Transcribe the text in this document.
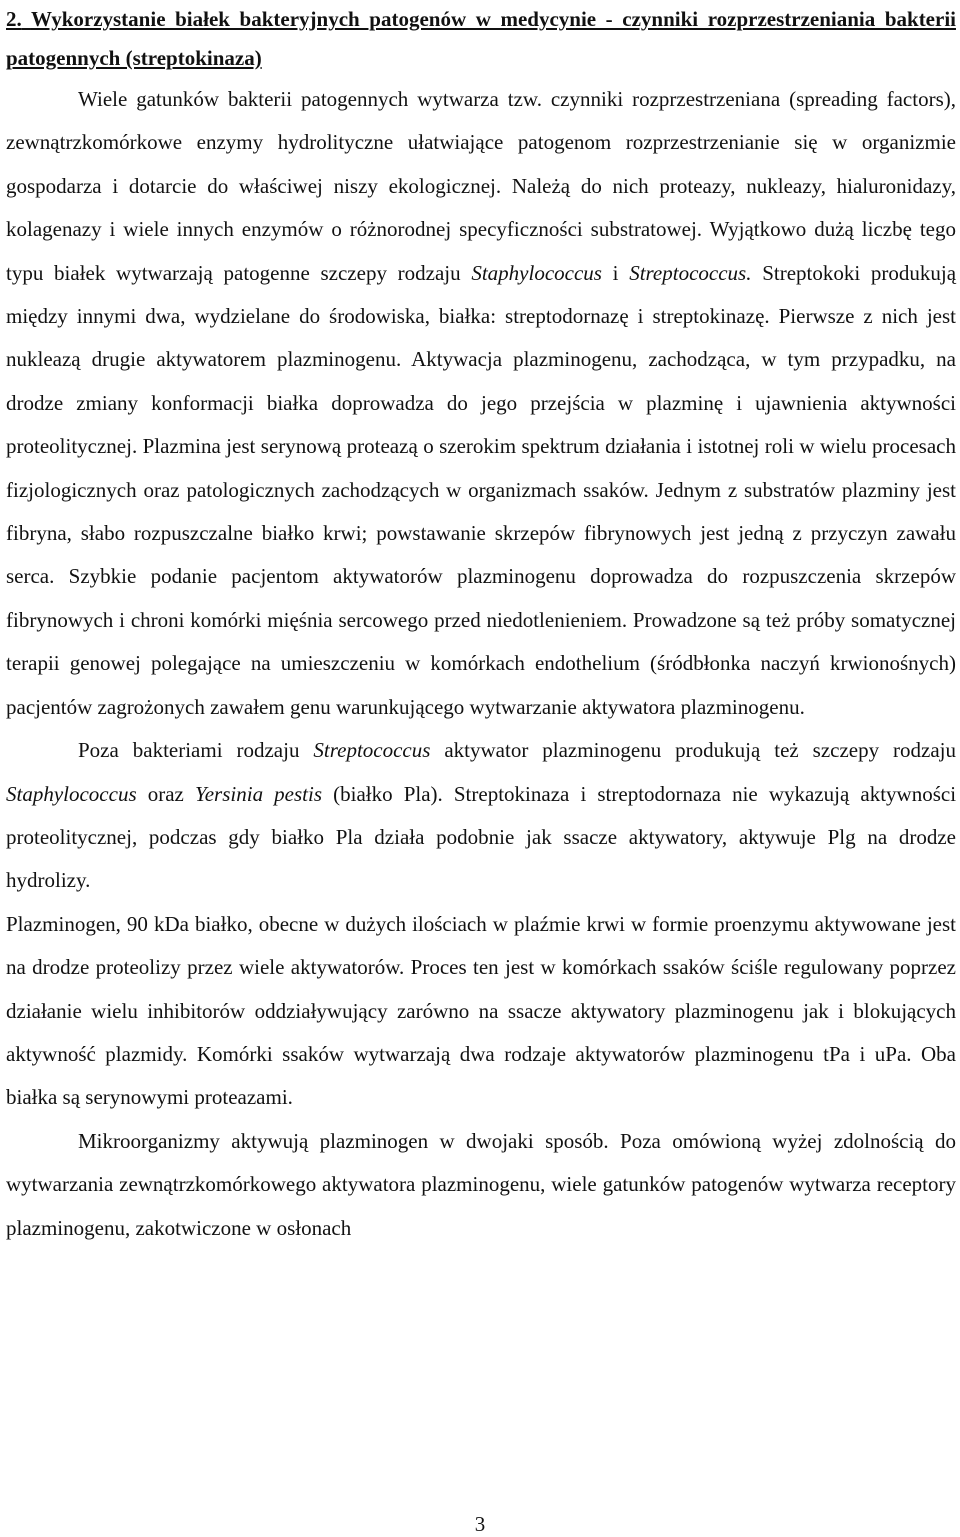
2. Wykorzystanie białek bakteryjnych patogenów w medycynie - czynniki rozprzestrzeniania bakterii patogennych (streptokinaza)

Wiele gatunków bakterii patogennych wytwarza tzw. czynniki rozprzestrzeniana (spreading factors), zewnątrzkomórkowe enzymy hydrolityczne ułatwiające patogenom rozprzestrzenianie się w organizmie gospodarza i dotarcie do właściwej niszy ekologicznej. Należą do nich proteazy, nukleazy, hialuronidazy, kolagenazy i wiele innych enzymów o różnorodnej specyficzności substratowej. Wyjątkowo dużą liczbę tego typu białek wytwarzają patogenne szczepy rodzaju Staphylococcus i Streptococcus. Streptokoki produkują między innymi dwa, wydzielane do środowiska, białka: streptodornazę i streptokinazę. Pierwsze z nich jest nukleazą drugie aktywatorem plazminogenu. Aktywacja plazminogenu, zachodząca, w tym przypadku, na drodze zmiany konformacji białka doprowadza do jego przejścia w plazminę i ujawnienia aktywności proteolitycznej. Plazmina jest serynową proteazą o szerokim spektrum działania i istotnej roli w wielu procesach fizjologicznych oraz patologicznych zachodzących w organizmach ssaków. Jednym z substratów plazminy jest fibryna, słabo rozpuszczalne białko krwi; powstawanie skrzepów fibrynowych jest jedną z przyczyn zawału serca. Szybkie podanie pacjentom aktywatorów plazminogenu doprowadza do rozpuszczenia skrzepów fibrynowych i chroni komórki mięśnia sercowego przed niedotlenieniem. Prowadzone są też próby somatycznej terapii genowej polegające na umieszczeniu w komórkach endothelium (śródbłonka naczyń krwionośnych) pacjentów zagrożonych zawałem genu warunkującego wytwarzanie aktywatora plazminogenu.

Poza bakteriami rodzaju Streptococcus aktywator plazminogenu produkują też szczepy rodzaju Staphylococcus oraz Yersinia pestis (białko Pla). Streptokinaza i streptodornaza nie wykazują aktywności proteolitycznej, podczas gdy białko Pla działa podobnie jak ssacze aktywatory, aktywuje Plg na drodze hydrolizy.

Plazminogen, 90 kDa białko, obecne w dużych ilościach w plaźmie krwi w formie proenzymu aktywowane jest na drodze proteolizy przez wiele aktywatorów. Proces ten jest w komórkach ssaków ściśle regulowany poprzez działanie wielu inhibitorów oddziaływujący zarówno na ssacze aktywatory plazminogenu jak i blokujących aktywność plazmidy. Komórki ssaków wytwarzają dwa rodzaje aktywatorów plazminogenu tPa i uPa. Oba białka są serynowymi proteazami.

Mikroorganizmy aktywują plazminogen w dwojaki sposób. Poza omówioną wyżej zdolnością do wytwarzania zewnątrzkomórkowego aktywatora plazminogenu, wiele gatunków patogenów wytwarza receptory plazminogenu, zakotwiczone w osłonach

3
